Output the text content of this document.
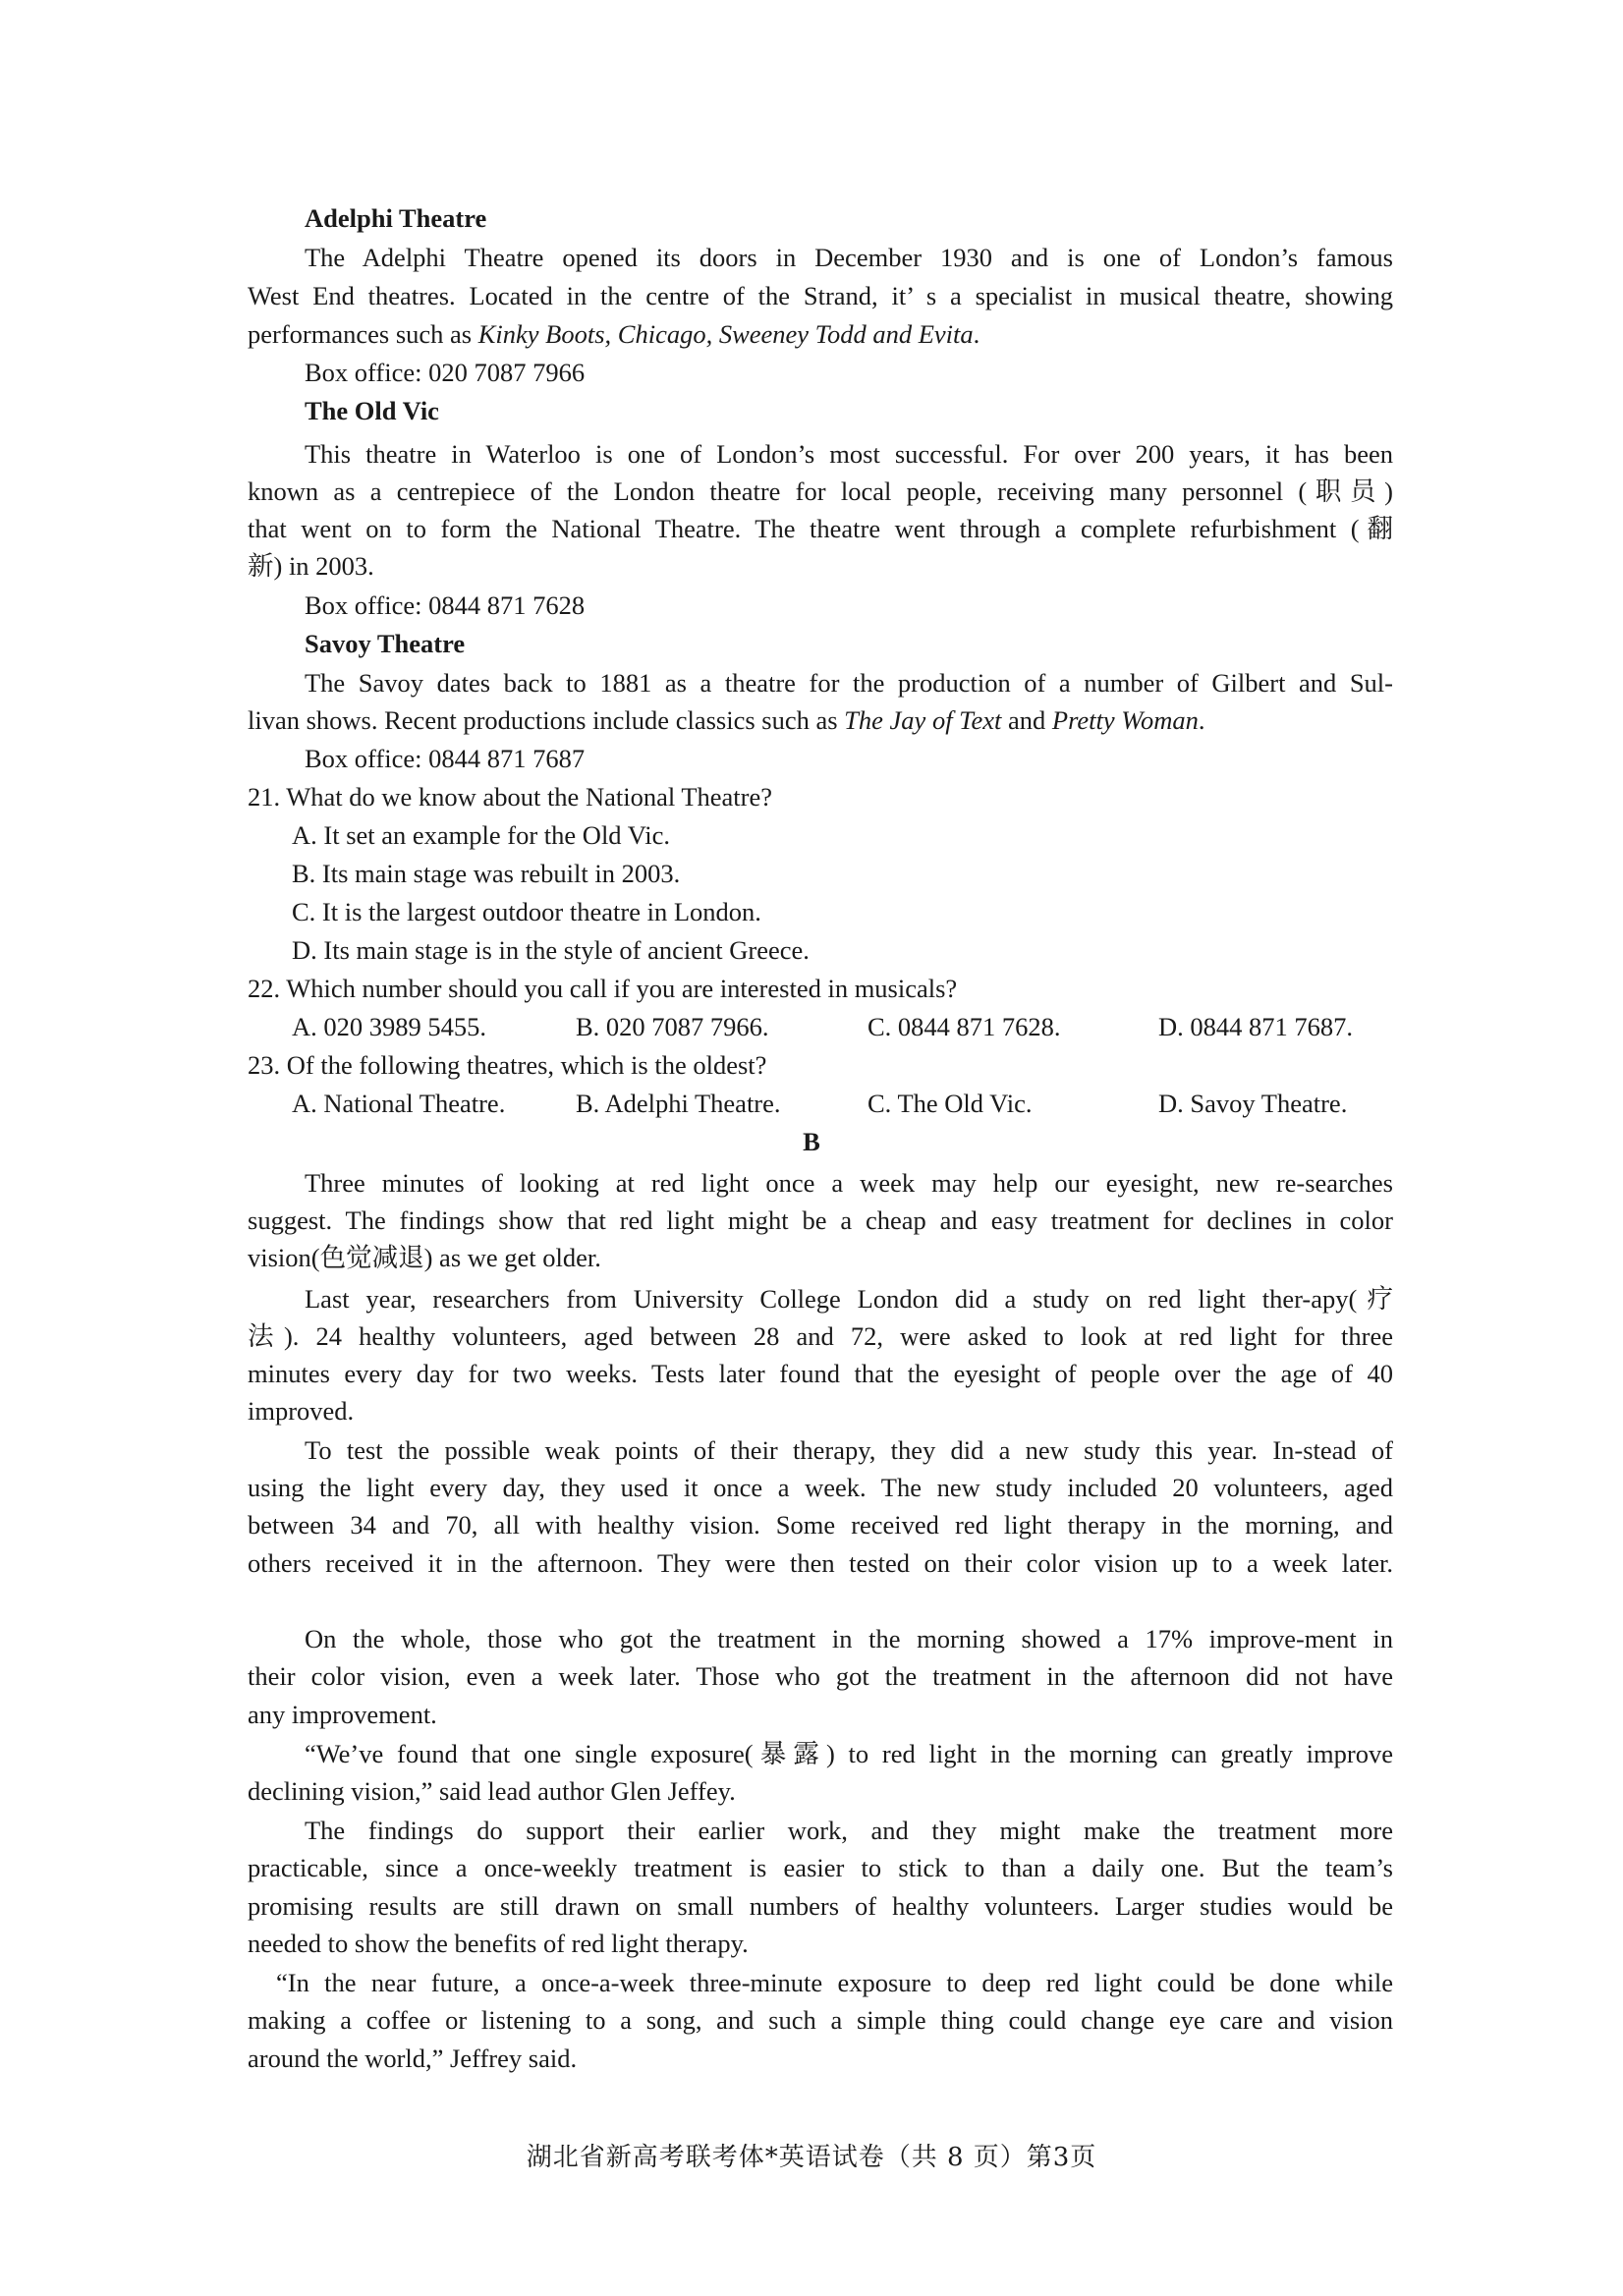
Adelphi Theatre
The Adelphi Theatre opened its doors in December 1930 and is one of London’s famous
West End theatres. Located in the centre of the Strand, it’ s a specialist in musical theatre, showing
performances such as Kinky Boots, Chicago, Sweeney Todd and Evita.
Box office: 020 7087 7966
The Old Vic
This theatre in Waterloo is one of London’s most successful. For over 200 years, it has been
known as a centrepiece of the London theatre for local people, receiving many personnel (职员)
that went on to form the National Theatre. The theatre went through a complete refurbishment (翻
新) in 2003.
Box office: 0844 871 7628
Savoy Theatre
The Savoy dates back to 1881 as a theatre for the production of a number of Gilbert and Sul-
livan shows. Recent productions include classics such as The Jay of Text and Pretty Woman.
Box office: 0844 871 7687
21. What do we know about the National Theatre?
A. It set an example for the Old Vic.
B. Its main stage was rebuilt in 2003.
C. It is the largest outdoor theatre in London.
D. Its main stage is in the style of ancient Greece.
22. Which number should you call if you are interested in musicals?
A. 020 3989 5455.	B. 020 7087 7966.	C. 0844 871 7628.	D. 0844 871 7687.
23. Of the following theatres, which is the oldest?
A. National Theatre.	B. Adelphi Theatre.	C. The Old Vic.	D. Savoy Theatre.
B
Three minutes of looking at red light once a week may help our eyesight, new re-searches
suggest. The findings show that red light might be a cheap and easy treatment for declines in color
vision(色觉减退) as we get older.
Last year, researchers from University College London did a study on red light ther-apy(疗
法). 24 healthy volunteers, aged between 28 and 72, were asked to look at red light for three
minutes every day for two weeks. Tests later found that the eyesight of people over the age of 40
improved.
To test the possible weak points of their therapy, they did a new study this year. In-stead of
using the light every day, they used it once a week. The new study included 20 volunteers, aged
between 34 and 70, all with healthy vision. Some received red light therapy in the morning, and
others received it in the afternoon. They were then tested on their color vision up to a week later.
On the whole, those who got the treatment in the morning showed a 17% improve-ment in
their color vision, even a week later. Those who got the treatment in the afternoon did not have
any improvement.
“We’ve found that one single exposure(暴露) to red light in the morning can greatly improve
declining vision,” said lead author Glen Jeffey.
The findings do support their earlier work, and they might make the treatment more
practicable, since a once-weekly treatment is easier to stick to than a daily one. But the team’s
promising results are still drawn on small numbers of healthy volunteers. Larger studies would be
needed to show the benefits of red light therapy.
“In the near future, a once-a-week three-minute exposure to deep red light could be done while
making a coffee or listening to a song, and such a simple thing could change eye care and vision
around the world,” Jeffrey said.
湖北省新高考联考体*英语试卷（共 8 页）第3页
